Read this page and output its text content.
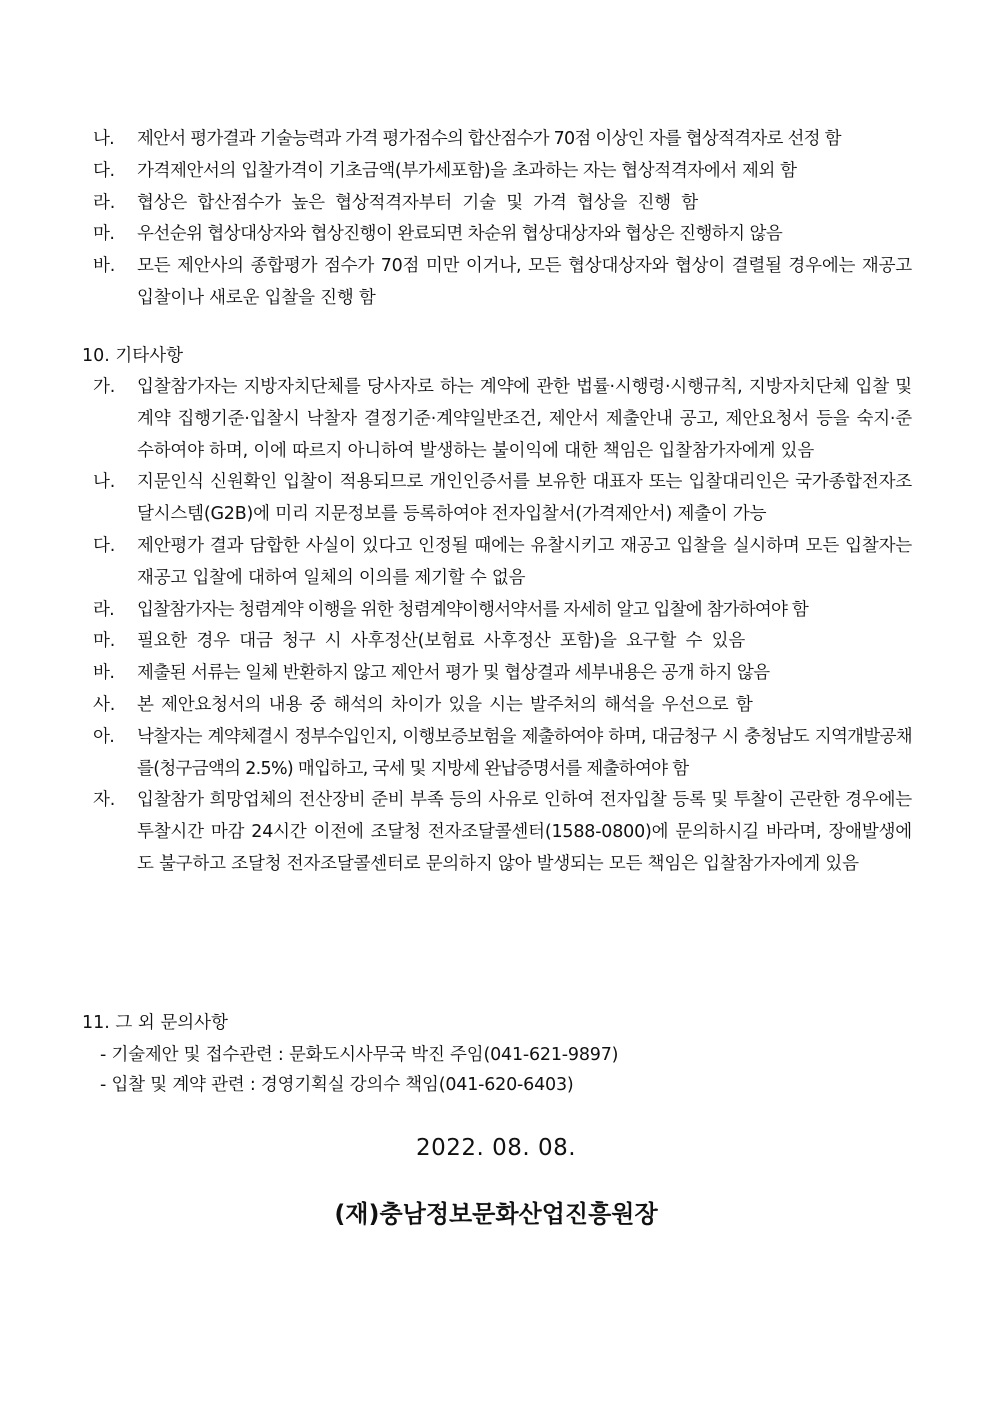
나. 제안서 평가결과 기술능력과 가격 평가점수의 합산점수가 70점 이상인 자를 협상적격자로 선정 함
다. 가격제안서의 입찰가격이 기초금액(부가세포함)을 초과하는 자는 협상적격자에서 제외 함
라. 협상은 합산점수가 높은 협상적격자부터 기술 및 가격 협상을 진행 함
마. 우선순위 협상대상자와 협상진행이 완료되면 차순위 협상대상자와 협상은 진행하지 않음
바. 모든 제안사의 종합평가 점수가 70점 미만 이거나, 모든 협상대상자와 협상이 결렬될 경우에는 재공고입찰이나 새로운 입찰을 진행 함
10. 기타사항
가. 입찰참가자는 지방자치단체를 당사자로 하는 계약에 관한 법률·시행령·시행규칙, 지방자치단체 입찰 및 계약 집행기준·입찰시 낙찰자 결정기준·계약일반조건, 제안서 제출안내 공고, 제안요청서 등을 숙지·준수하여야 하며, 이에 따르지 아니하여 발생하는 불이익에 대한 책임은 입찰참가자에게 있음
나. 지문인식 신원확인 입찰이 적용되므로 개인인증서를 보유한 대표자 또는 입찰대리인은 국가종합전자조달시스템(G2B)에 미리 지문정보를 등록하여야 전자입찰서(가격제안서) 제출이 가능
다. 제안평가 결과 담합한 사실이 있다고 인정될 때에는 유찰시키고 재공고 입찰을 실시하며 모든 입찰자는 재공고 입찰에 대하여 일체의 이의를 제기할 수 없음
라. 입찰참가자는 청렴계약 이행을 위한 청렴계약이행서약서를 자세히 알고 입찰에 참가하여야 함
마. 필요한 경우 대금 청구 시 사후정산(보험료 사후정산 포함)을 요구할 수 있음
바. 제출된 서류는 일체 반환하지 않고 제안서 평가 및 협상결과 세부내용은 공개 하지 않음
사. 본 제안요청서의 내용 중 해석의 차이가 있을 시는 발주처의 해석을 우선으로 함
아. 낙찰자는 계약체결시 정부수입인지, 이행보증보험을 제출하여야 하며, 대금청구 시 충청남도 지역개발공채를(청구금액의 2.5%) 매입하고, 국세 및 지방세 완납증명서를 제출하여야 함
자. 입찰참가 희망업체의 전산장비 준비 부족 등의 사유로 인하여 전자입찰 등록 및 투찰이 곤란한 경우에는 투찰시간 마감 24시간 이전에 조달청 전자조달콜센터(1588-0800)에 문의하시길 바라며, 장애발생에도 불구하고 조달청 전자조달콜센터로 문의하지 않아 발생되는 모든 책임은 입찰참가자에게 있음
11. 그 외 문의사항
- 기술제안 및 접수관련 : 문화도시사무국 박진 주임(041-621-9897)
- 입찰 및 계약 관련 : 경영기획실 강의수 책임(041-620-6403)
2022. 08. 08.
(재)충남정보문화산업진흥원장
